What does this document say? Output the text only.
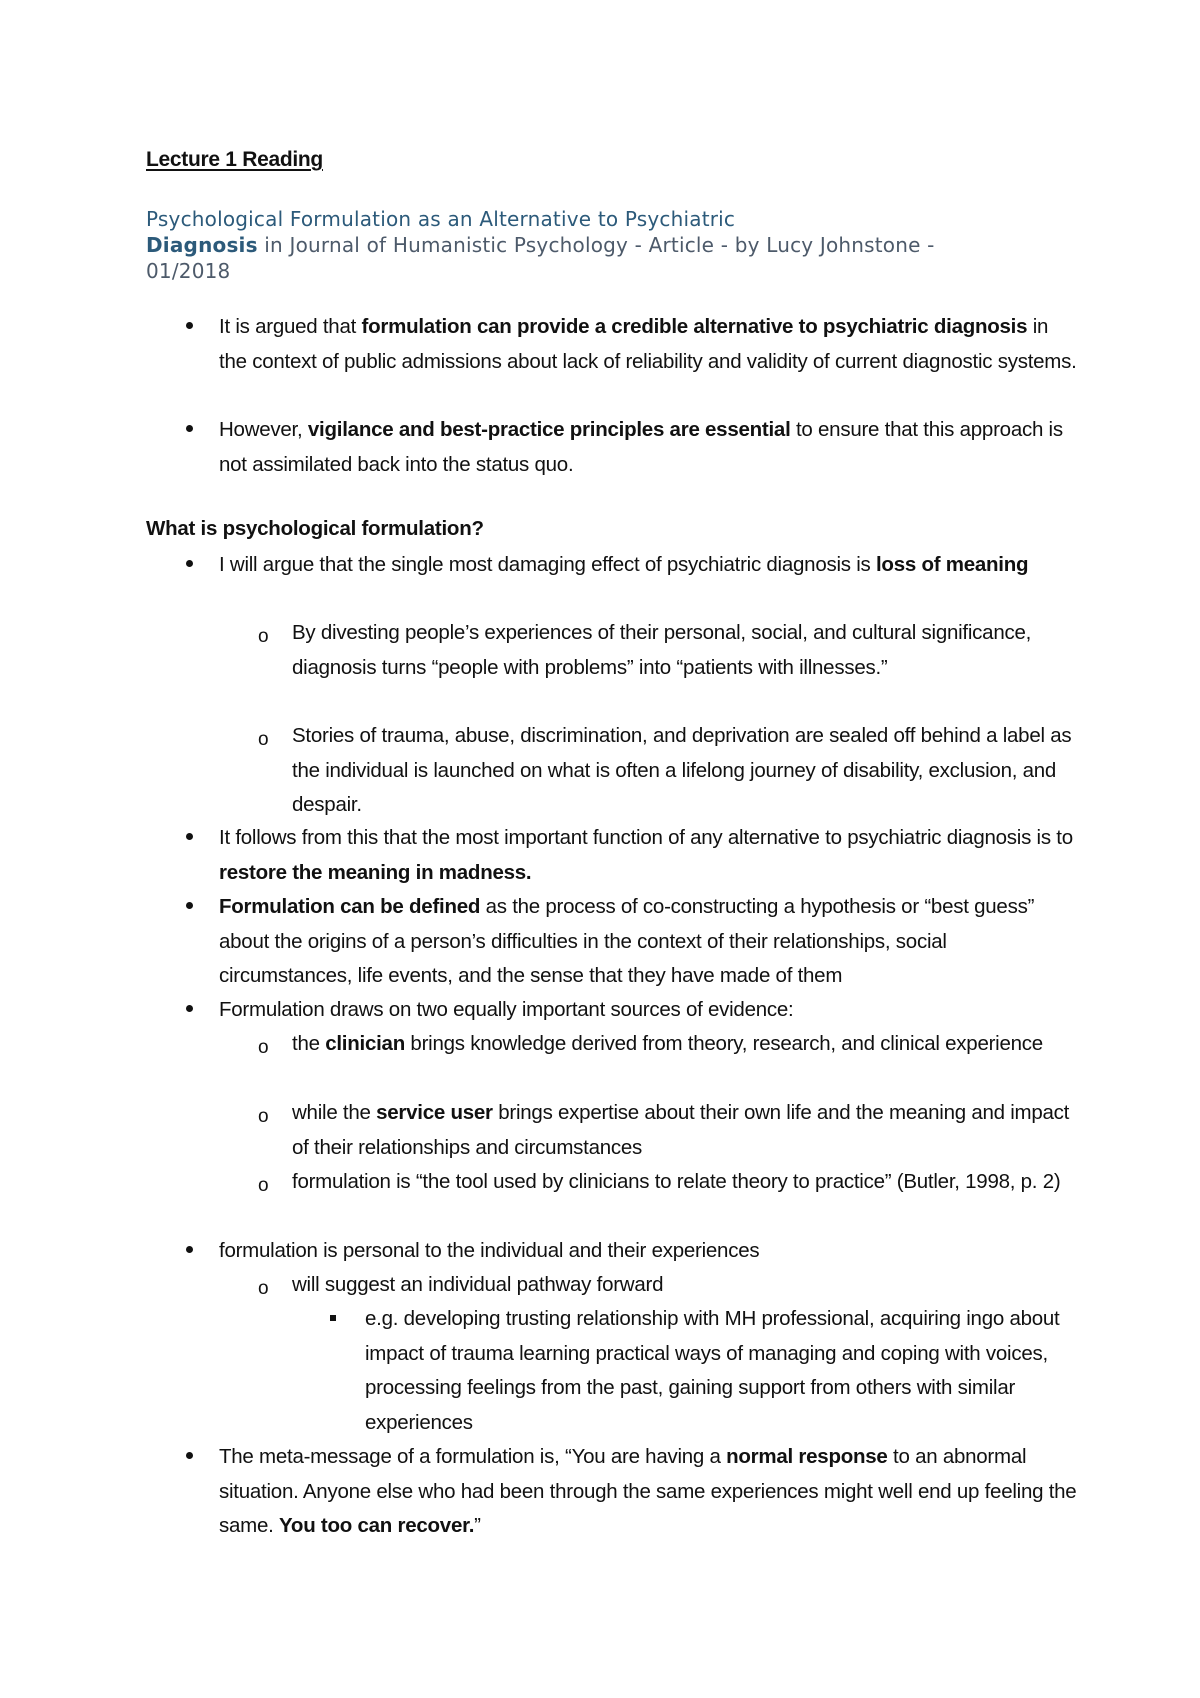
Lecture 1 Reading
Psychological Formulation as an Alternative to Psychiatric
Diagnosis in Journal of Humanistic Psychology - Article - by Lucy Johnstone -
01/2018
It is argued that formulation can provide a credible alternative to psychiatric diagnosis in the context of public admissions about lack of reliability and validity of current diagnostic systems.
However, vigilance and best-practice principles are essential to ensure that this approach is not assimilated back into the status quo.
What is psychological formulation?
I will argue that the single most damaging effect of psychiatric diagnosis is loss of meaning
o By divesting people’s experiences of their personal, social, and cultural significance, diagnosis turns “people with problems” into “patients with illnesses.”
o Stories of trauma, abuse, discrimination, and deprivation are sealed off behind a label as the individual is launched on what is often a lifelong journey of disability, exclusion, and despair.
It follows from this that the most important function of any alternative to psychiatric diagnosis is to restore the meaning in madness.
Formulation can be defined as the process of co-constructing a hypothesis or “best guess” about the origins of a person’s difficulties in the context of their relationships, social circumstances, life events, and the sense that they have made of them
Formulation draws on two equally important sources of evidence:
o the clinician brings knowledge derived from theory, research, and clinical experience
o while the service user brings expertise about their own life and the meaning and impact of their relationships and circumstances
o formulation is “the tool used by clinicians to relate theory to practice” (Butler, 1998, p. 2)
formulation is personal to the individual and their experiences
o will suggest an individual pathway forward
e.g. developing trusting relationship with MH professional, acquiring ingo about impact of trauma learning practical ways of managing and coping with voices, processing feelings from the past, gaining support from others with similar experiences
The meta-message of a formulation is, “You are having a normal response to an abnormal situation. Anyone else who had been through the same experiences might well end up feeling the same. You too can recover.”
